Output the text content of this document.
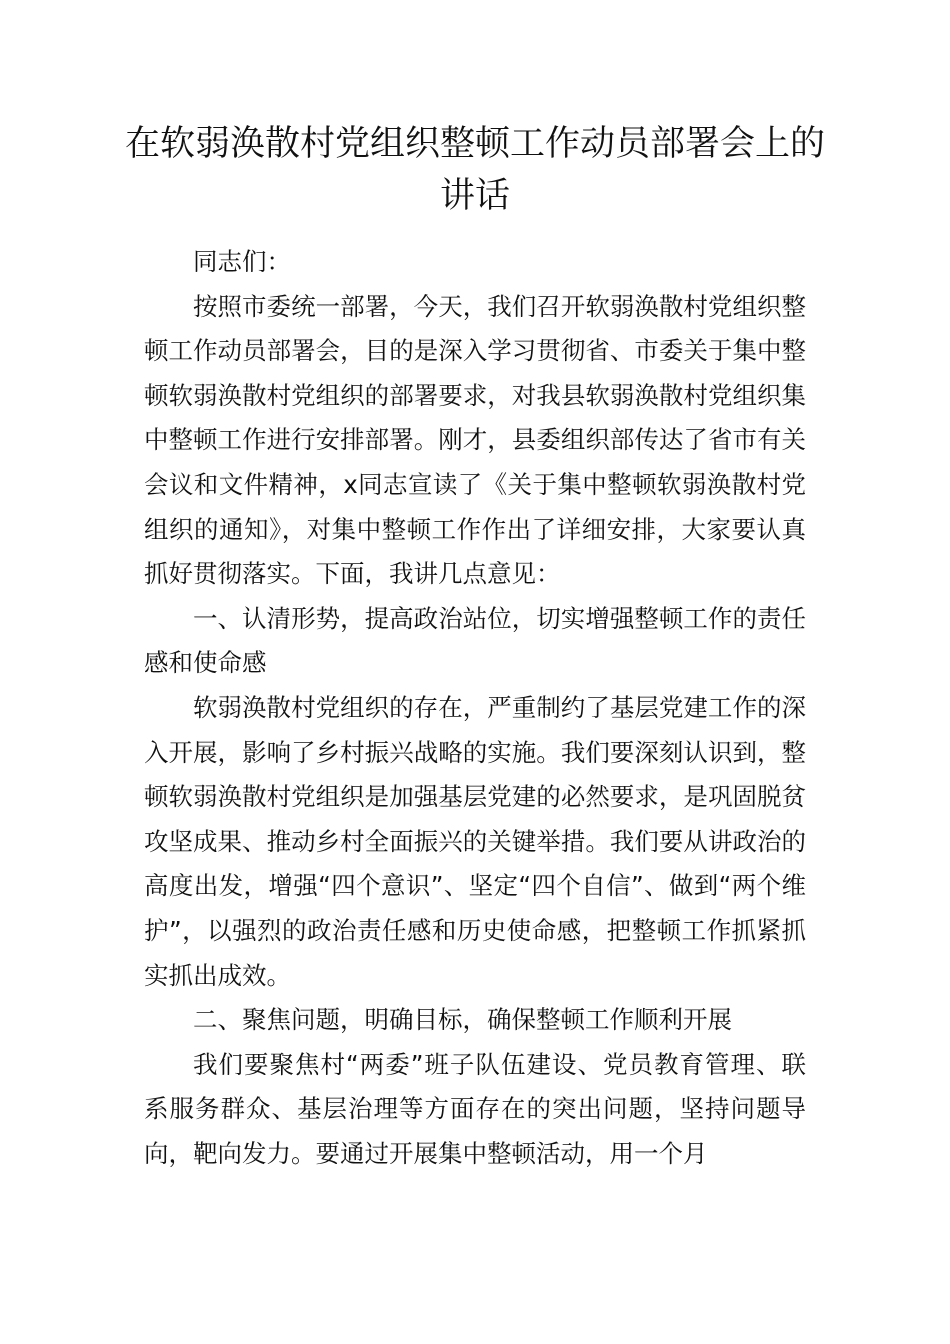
在软弱涣散村党组织整顿工作动员部署会上的讲话

同志们：

按照市委统一部署，今天，我们召开软弱涣散村党组织整顿工作动员部署会，目的是深入学习贯彻省、市委关于集中整顿软弱涣散村党组织的部署要求，对我县软弱涣散村党组织集中整顿工作进行安排部署。刚才，县委组织部传达了省市有关会议和文件精神，x同志宣读了《关于集中整顿软弱涣散村党组织的通知》，对集中整顿工作作出了详细安排，大家要认真抓好贯彻落实。下面，我讲几点意见：

一、认清形势，提高政治站位，切实增强整顿工作的责任感和使命感

软弱涣散村党组织的存在，严重制约了基层党建工作的深入开展，影响了乡村振兴战略的实施。我们要深刻认识到，整顿软弱涣散村党组织是加强基层党建的必然要求，是巩固脱贫攻坚成果、推动乡村全面振兴的关键举措。我们要从讲政治的高度出发，增强“四个意识”、坚定“四个自信”、做到“两个维护”，以强烈的政治责任感和历史使命感，把整顿工作抓紧抓实抓出成效。

二、聚焦问题，明确目标，确保整顿工作顺利开展

我们要聚焦村“两委”班子队伍建设、党员教育管理、联系服务群众、基层治理等方面存在的突出问题，坚持问题导向，靶向发力。要通过开展集中整顿活动，用一个月
